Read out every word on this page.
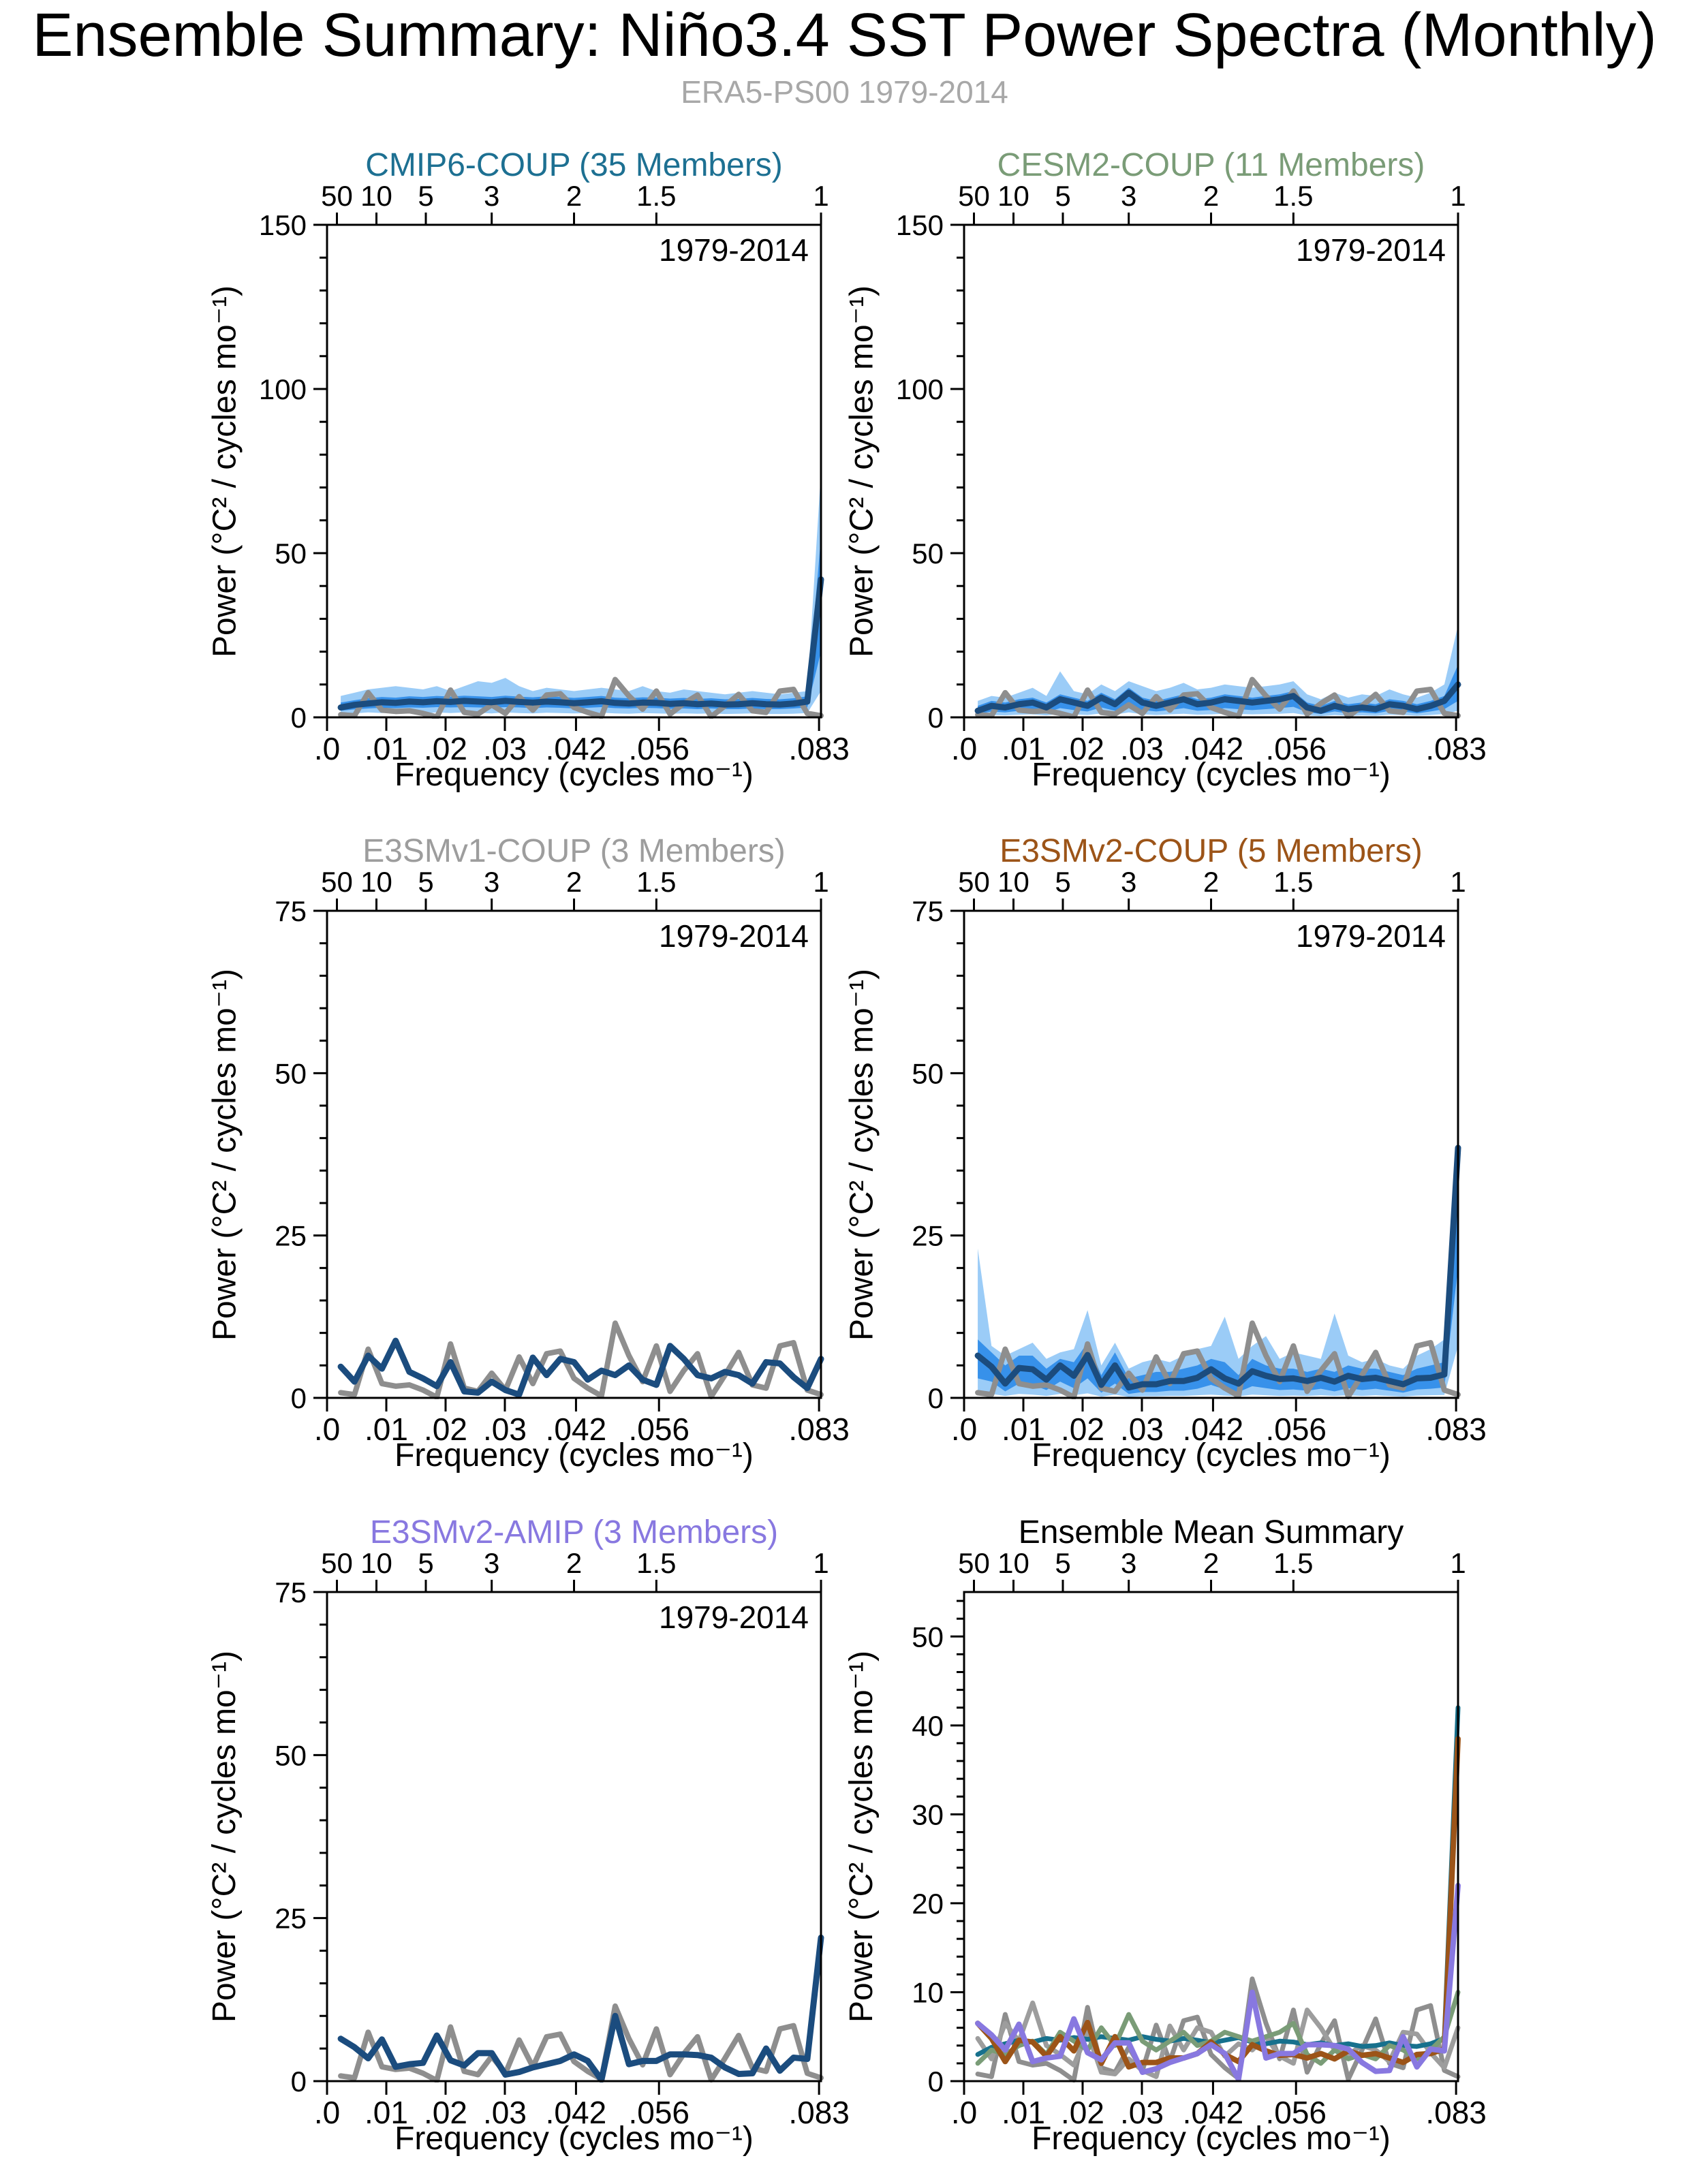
Ensemble Summary: Niño3.4 SST Power Spectra (Monthly)
ERA5-PS00 1979-2014
CMIP6-COUP (35 Members)
1979-2014
Power (°C² / cycles mo⁻¹)
0
50
100
150
.0 .01 .02 .03 .042 .056	.083
50 10 5 3 2 1.5	1
Frequency (cycles mo⁻¹)
CESM2-COUP (11 Members)
1979-2014
Power (°C² / cycles mo⁻¹)
0
50
100
150
.0 .01 .02 .03 .042 .056	.083
50 10 5 3 2 1.5	1
Frequency (cycles mo⁻¹)
E3SMv1-COUP (3 Members)
1979-2014
Power (°C² / cycles mo⁻¹)
0
25
50
75
.0 .01 .02 .03 .042 .056	.083
50 10 5 3 2 1.5	1
Frequency (cycles mo⁻¹)
E3SMv2-COUP (5 Members)
1979-2014
Power (°C² / cycles mo⁻¹)
0
25
50
75
.0 .01 .02 .03 .042 .056	.083
50 10 5 3 2 1.5	1
Frequency (cycles mo⁻¹)
E3SMv2-AMIP (3 Members)
1979-2014
Power (°C² / cycles mo⁻¹)
0
25
50
75
.0 .01 .02 .03 .042 .056	.083
50 10 5 3 2 1.5	1
Frequency (cycles mo⁻¹)
Ensemble Mean Summary
Power (°C² / cycles mo⁻¹)
0
10
20
30
40
50
.0 .01 .02 .03 .042 .056	.083
50 10 5 3 2 1.5	1
Frequency (cycles mo⁻¹)
